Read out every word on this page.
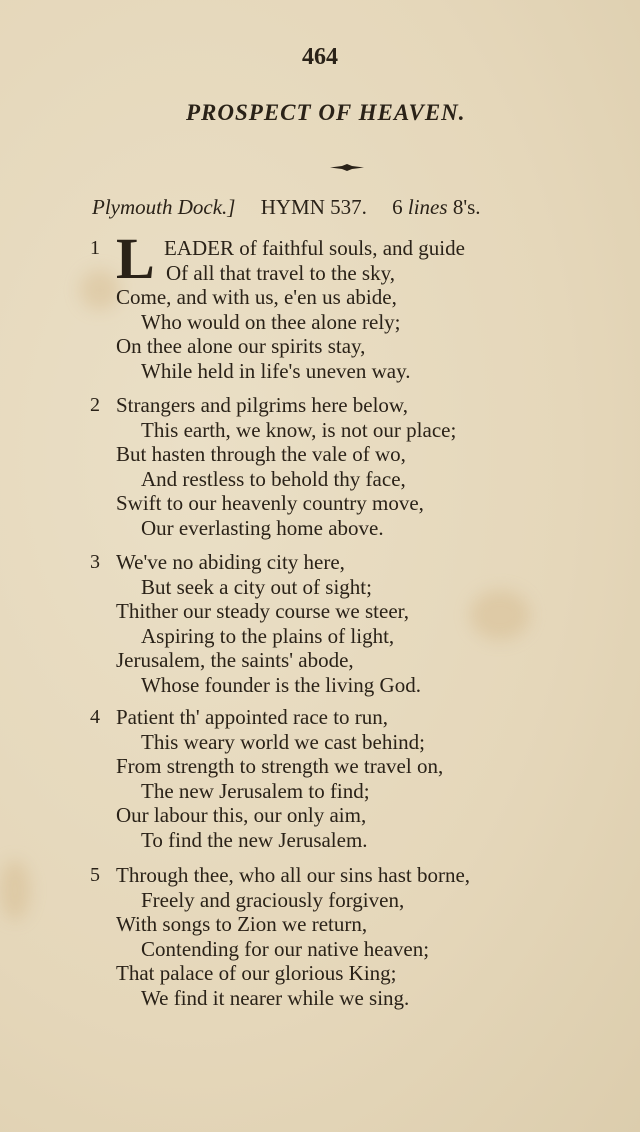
464
PROSPECT OF HEAVEN.
Plymouth Dock.] HYMN 537. 6 lines 8's.
1 L EADER of faithful souls, and guide
Of all that travel to the sky,
Come, and with us, e'en us abide,
Who would on thee alone rely;
On thee alone our spirits stay,
While held in life's uneven way.
2 Strangers and pilgrims here below,
This earth, we know, is not our place;
But hasten through the vale of wo,
And restless to behold thy face,
Swift to our heavenly country move,
Our everlasting home above.
3 We've no abiding city here,
But seek a city out of sight;
Thither our steady course we steer,
Aspiring to the plains of light,
Jerusalem, the saints' abode,
Whose founder is the living God.
4 Patient th' appointed race to run,
This weary world we cast behind;
From strength to strength we travel on,
The new Jerusalem to find;
Our labour this, our only aim,
To find the new Jerusalem.
5 Through thee, who all our sins hast borne,
Freely and graciously forgiven,
With songs to Zion we return,
Contending for our native heaven;
That palace of our glorious King;
We find it nearer while we sing.
